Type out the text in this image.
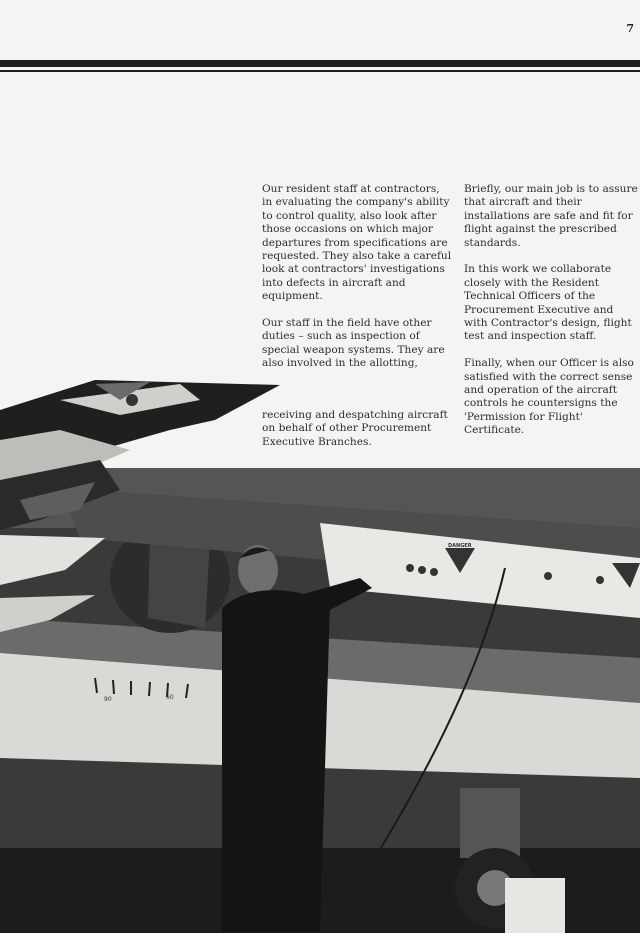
7
DANGER
90	60

Our resident staff at contractors, in evaluating the company's ability to control quality, also look after those occasions on which major departures from specifications are requested. They also take a careful look at contractors' investigations into defects in aircraft and equipment.

Our staff in the field have other duties – such as inspection of special weapon systems. They are also involved in the allotting,

receiving and despatching aircraft on behalf of other Procurement Executive Branches.

Briefly, our main job is to assure that aircraft and their installations are safe and fit for flight against the prescribed standards.

In this work we collaborate closely with the Resident Technical Officers of the Procurement Executive and with Contractor's design, flight test and inspection staff.

Finally, when our Officer is also satisfied with the correct sense and operation of the aircraft controls he countersigns the 'Permission for Flight' Certificate.
